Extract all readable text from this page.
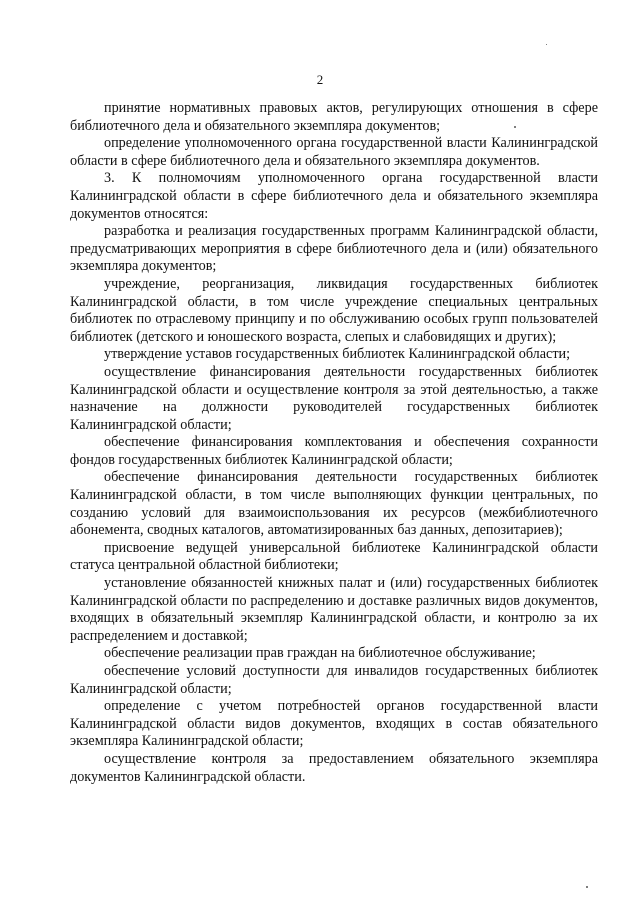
2

принятие нормативных правовых актов, регулирующих отношения в сфере библиотечного дела и обязательного экземпляра документов;

определение уполномоченного органа государственной власти Калининградской области в сфере библиотечного дела и обязательного экземпляра документов.

3. К полномочиям уполномоченного органа государственной власти Калининградской области в сфере библиотечного дела и обязательного экземпляра документов относятся:

разработка и реализация государственных программ Калининградской области, предусматривающих мероприятия в сфере библиотечного дела и (или) обязательного экземпляра документов;

учреждение, реорганизация, ликвидация государственных библиотек Калининградской области, в том числе учреждение специальных центральных библиотек по отраслевому принципу и по обслуживанию особых групп пользователей библиотек (детского и юношеского возраста, слепых и слабовидящих и других);

утверждение уставов государственных библиотек Калининградской области;

осуществление финансирования деятельности государственных библиотек Калининградской области и осуществление контроля за этой деятельностью, а также назначение на должности руководителей государственных библиотек Калининградской области;

обеспечение финансирования комплектования и обеспечения сохранности фондов государственных библиотек Калининградской области;

обеспечение финансирования деятельности государственных библиотек Калининградской области, в том числе выполняющих функции центральных, по созданию условий для взаимоиспользования их ресурсов (межбиблиотечного абонемента, сводных каталогов, автоматизированных баз данных, депозитариев);

присвоение ведущей универсальной библиотеке Калининградской области статуса центральной областной библиотеки;

установление обязанностей книжных палат и (или) государственных библиотек Калининградской области по распределению и доставке различных видов документов, входящих в обязательный экземпляр Калининградской области, и контролю за их распределением и доставкой;

обеспечение реализации прав граждан на библиотечное обслуживание;

обеспечение условий доступности для инвалидов государственных библиотек Калининградской области;

определение с учетом потребностей органов государственной власти Калининградской области видов документов, входящих в состав обязательного экземпляра Калининградской области;

осуществление контроля за предоставлением обязательного экземпляра документов Калининградской области.
